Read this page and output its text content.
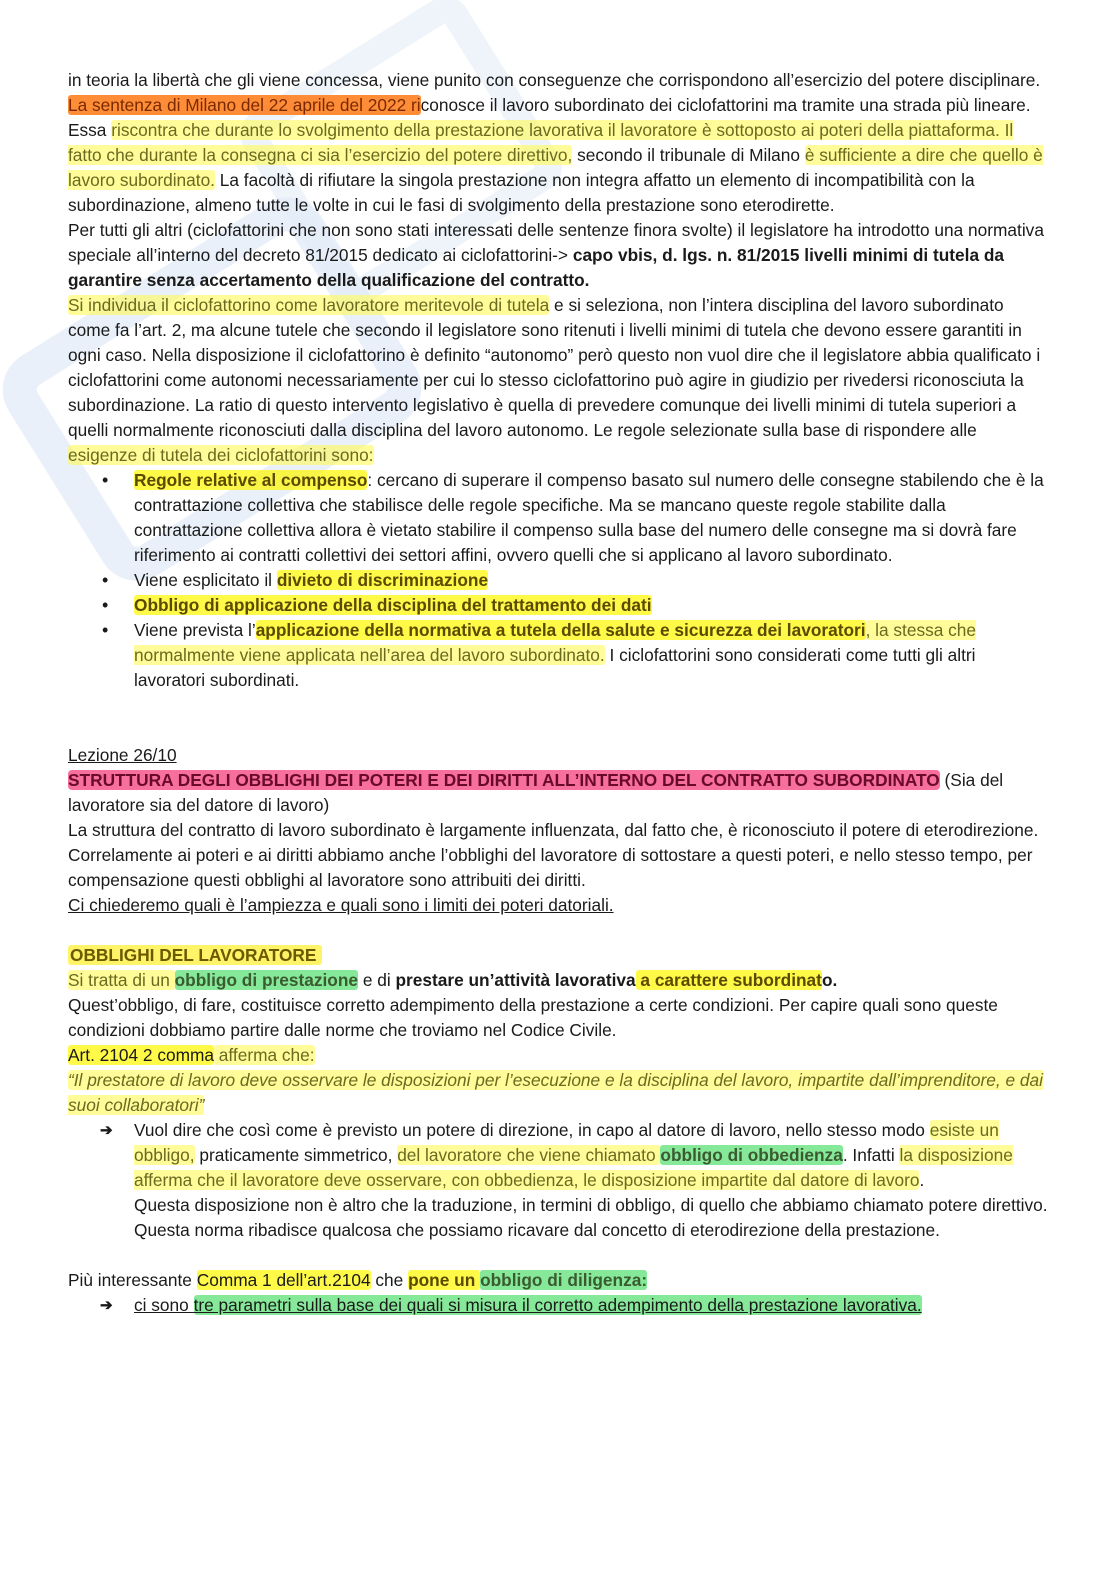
in teoria la libertà che gli viene concessa, viene punito con conseguenze che corrispondono all’esercizio del potere disciplinare.

La sentenza di Milano del 22 aprile del 2022 riconosce il lavoro subordinato dei ciclofattorini ma tramite una strada più lineare. Essa riscontra che durante lo svolgimento della prestazione lavorativa il lavoratore è sottoposto ai poteri della piattaforma. Il fatto che durante la consegna ci sia l’esercizio del potere direttivo, secondo il tribunale di Milano è sufficiente a dire che quello è lavoro subordinato. La facoltà di rifiutare la singola prestazione non integra affatto un elemento di incompatibilità con la subordinazione, almeno tutte le volte in cui le fasi di svolgimento della prestazione sono eterodirette.

Per tutti gli altri (ciclofattorini che non sono stati interessati delle sentenze finora svolte) il legislatore ha introdotto una normativa speciale all’interno del decreto 81/2015 dedicato ai ciclofattorini-> capo vbis, d. lgs. n. 81/2015 livelli minimi di tutela da garantire senza accertamento della qualificazione del contratto.

Si individua il ciclofattorino come lavoratore meritevole di tutela e si seleziona, non l’intera disciplina del lavoro subordinato come fa l’art. 2, ma alcune tutele che secondo il legislatore sono ritenuti i livelli minimi di tutela che devono essere garantiti in ogni caso. Nella disposizione il ciclofattorino è definito “autonomo” però questo non vuol dire che il legislatore abbia qualificato i ciclofattorini come autonomi necessariamente per cui lo stesso ciclofattorino può agire in giudizio per rivedersi riconosciuta la subordinazione. La ratio di questo intervento legislativo è quella di prevedere comunque dei livelli minimi di tutela superiori a quelli normalmente riconosciuti dalla disciplina del lavoro autonomo. Le regole selezionate sulla base di rispondere alle esigenze di tutela dei ciclofattorini sono:

• Regole relative al compenso: cercano di superare il compenso basato sul numero delle consegne stabilendo che è la contrattazione collettiva che stabilisce delle regole specifiche. Ma se mancano queste regole stabilite dalla contrattazione collettiva allora è vietato stabilire il compenso sulla base del numero delle consegne ma si dovrà fare riferimento ai contratti collettivi dei settori affini, ovvero quelli che si applicano al lavoro subordinato.
• Viene esplicitato il divieto di discriminazione
• Obbligo di applicazione della disciplina del trattamento dei dati
• Viene prevista l’applicazione della normativa a tutela della salute e sicurezza dei lavoratori, la stessa che normalmente viene applicata nell’area del lavoro subordinato. I ciclofattorini sono considerati come tutti gli altri lavoratori subordinati.

Lezione 26/10

STRUTTURA DEGLI OBBLIGHI DEI POTERI E DEI DIRITTI ALL’INTERNO DEL CONTRATTO SUBORDINATO (Sia del lavoratore sia del datore di lavoro)

La struttura del contratto di lavoro subordinato è largamente influenzata, dal fatto che, è riconosciuto il potere di eterodirezione.

Correlamente ai poteri e ai diritti abbiamo anche l’obblighi del lavoratore di sottostare a questi poteri, e nello stesso tempo, per compensazione questi obblighi al lavoratore sono attribuiti dei diritti.

Ci chiederemo quali è l’ampiezza e quali sono i limiti dei poteri datoriali.

OBBLIGHI DEL LAVORATORE

Si tratta di un obbligo di prestazione e di prestare un’attività lavorativa a carattere subordinato.

Quest’obbligo, di fare, costituisce corretto adempimento della prestazione a certe condizioni. Per capire quali sono queste condizioni dobbiamo partire dalle norme che troviamo nel Codice Civile.

Art. 2104 2 comma afferma che:

“Il prestatore di lavoro deve osservare le disposizioni per l’esecuzione e la disciplina del lavoro, impartite dall’imprenditore, e dai suoi collaboratori”

➔ Vuol dire che così come è previsto un potere di direzione, in capo al datore di lavoro, nello stesso modo esiste un obbligo, praticamente simmetrico, del lavoratore che viene chiamato obbligo di obbedienza. Infatti la disposizione afferma che il lavoratore deve osservare, con obbedienza, le disposizione impartite dal datore di lavoro.
Questa disposizione non è altro che la traduzione, in termini di obbligo, di quello che abbiamo chiamato potere direttivo. Questa norma ribadisce qualcosa che possiamo ricavare dal concetto di eterodirezione della prestazione.

Più interessante Comma 1 dell’art.2104 che pone un obbligo di diligenza:

➔ ci sono tre parametri sulla base dei quali si misura il corretto adempimento della prestazione lavorativa.
